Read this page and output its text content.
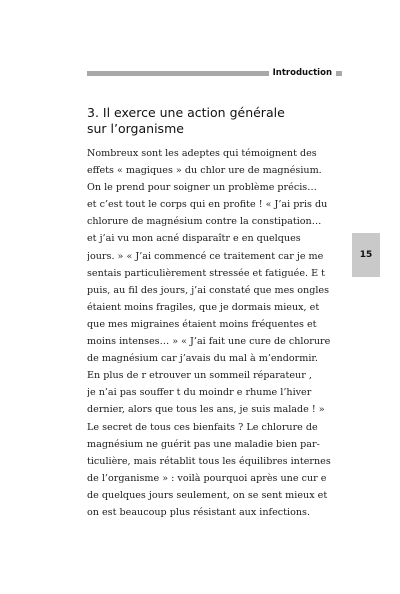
Introduction
3. Il exerce une action générale
sur l’organisme

Nombreux sont les adeptes qui témoignent des
effets « magiques » du chlor ure de magnésium.
On le prend pour soigner un problème précis…
et c’est tout le corps qui en profite ! « J’ai pris du
chlorure de magnésium contre la constipation…
et j’ai vu mon acné disparaîtr e en quelques
jours. » « J’ai commencé ce traitement car je me
sentais particulièrement stressée et fatiguée. E t
puis, au fil des jours, j’ai constaté que mes ongles
étaient moins fragiles, que je dormais mieux, et
que mes migraines étaient moins fréquentes et
moins intenses… » « J’ai fait une cure de chlorure
de magnésium car j’avais du mal à m’endormir.
En plus de r etrouver un sommeil réparateur ,
je n’ai pas souffer t du moindr e rhume l’hiver
dernier, alors que tous les ans, je suis malade ! »
Le secret de tous ces bienfaits ? Le chlorure de
magnésium ne guérit pas une maladie bien par-
ticulière, mais rétablit tous les équilibres internes
de l’organisme » : voilà pourquoi après une cur e
de quelques jours seulement, on se sent mieux et
on est beaucoup plus résistant aux infections.

15
